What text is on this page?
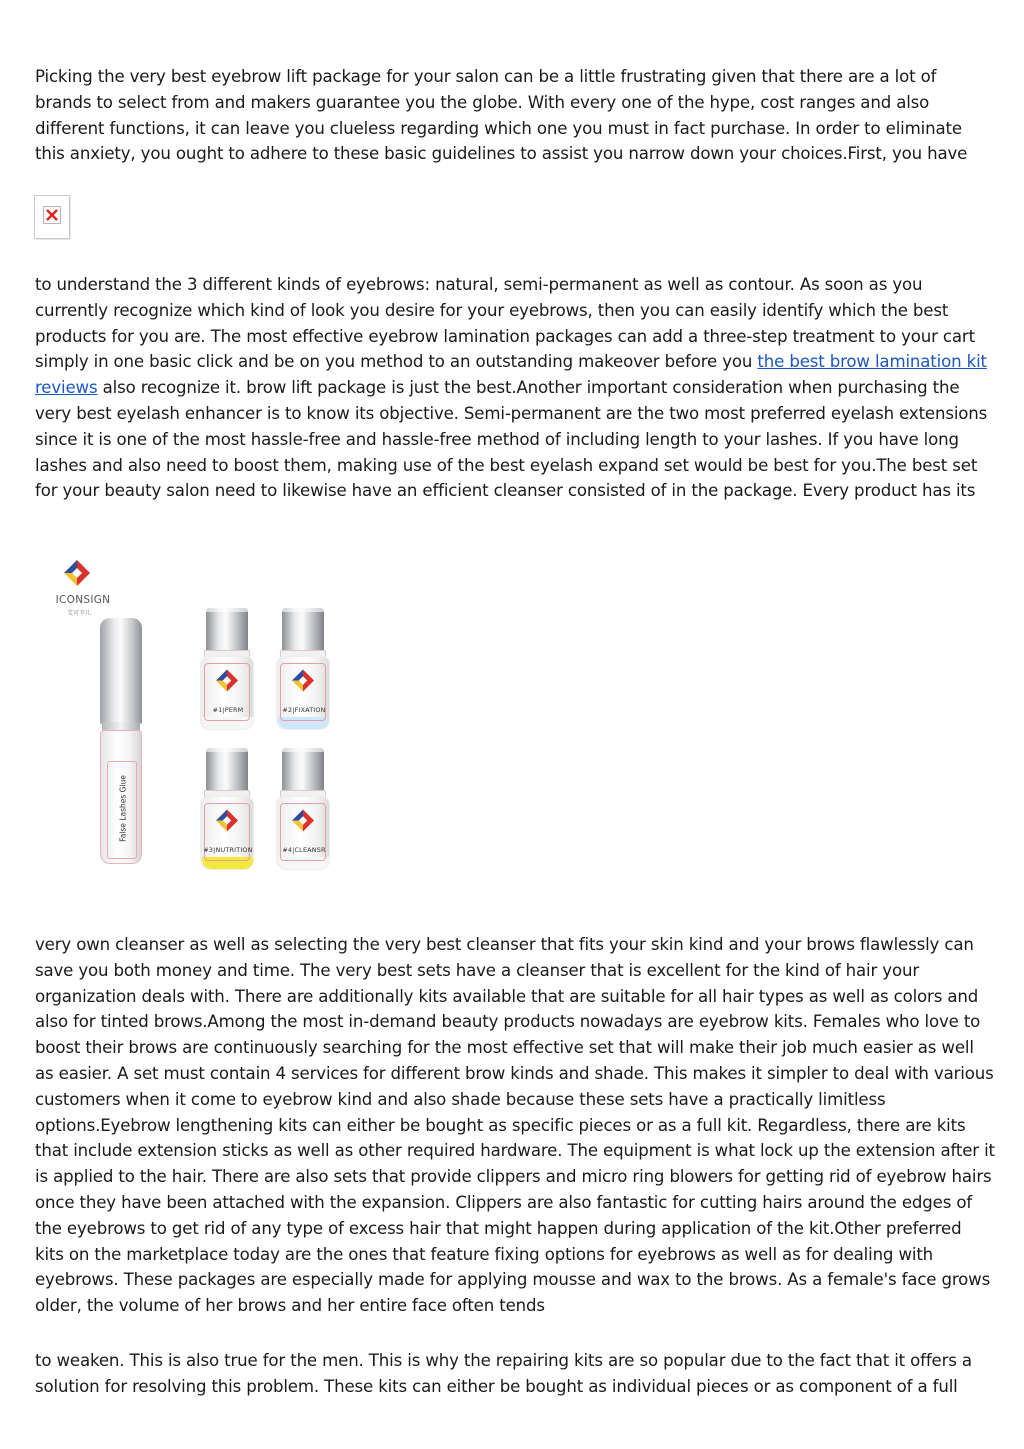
Picking the very best eyebrow lift package for your salon can be a little frustrating given that there are a lot of brands to select from and makers guarantee you the globe. With every one of the hype, cost ranges and also different functions, it can leave you clueless regarding which one you must in fact purchase. In order to eliminate this anxiety, you ought to adhere to these basic guidelines to assist you narrow down your choices.First, you have

to understand the 3 different kinds of eyebrows: natural, semi-permanent as well as contour. As soon as you currently recognize which kind of look you desire for your eyebrows, then you can easily identify which the best products for you are. The most effective eyebrow lamination packages can add a three-step treatment to your cart simply in one basic click and be on you method to an outstanding makeover before you the best brow lamination kit reviews also recognize it. brow lift package is just the best.Another important consideration when purchasing the very best eyelash enhancer is to know its objective. Semi-permanent are the two most preferred eyelash extensions since it is one of the most hassle-free and hassle-free method of including length to your lashes. If you have long lashes and also need to boost them, making use of the best eyelash expand set would be best for you.The best set for your beauty salon need to likewise have an efficient cleanser consisted of in the package. Every product has its

ICONSIGN
艾可辛儿
False Lashes Glue
#1|PERM	#2|FIXATION
#3|NUTRITION	#4|CLEANSR

very own cleanser as well as selecting the very best cleanser that fits your skin kind and your brows flawlessly can save you both money and time. The very best sets have a cleanser that is excellent for the kind of hair your organization deals with. There are additionally kits available that are suitable for all hair types as well as colors and also for tinted brows.Among the most in-demand beauty products nowadays are eyebrow kits. Females who love to boost their brows are continuously searching for the most effective set that will make their job much easier as well as easier. A set must contain 4 services for different brow kinds and shade. This makes it simpler to deal with various customers when it come to eyebrow kind and also shade because these sets have a practically limitless options.Eyebrow lengthening kits can either be bought as specific pieces or as a full kit. Regardless, there are kits that include extension sticks as well as other required hardware. The equipment is what lock up the extension after it is applied to the hair. There are also sets that provide clippers and micro ring blowers for getting rid of eyebrow hairs once they have been attached with the expansion. Clippers are also fantastic for cutting hairs around the edges of the eyebrows to get rid of any type of excess hair that might happen during application of the kit.Other preferred kits on the marketplace today are the ones that feature fixing options for eyebrows as well as for dealing with eyebrows. These packages are especially made for applying mousse and wax to the brows. As a female's face grows older, the volume of her brows and her entire face often tends

to weaken. This is also true for the men. This is why the repairing kits are so popular due to the fact that it offers a solution for resolving this problem. These kits can either be bought as individual pieces or as component of a full
